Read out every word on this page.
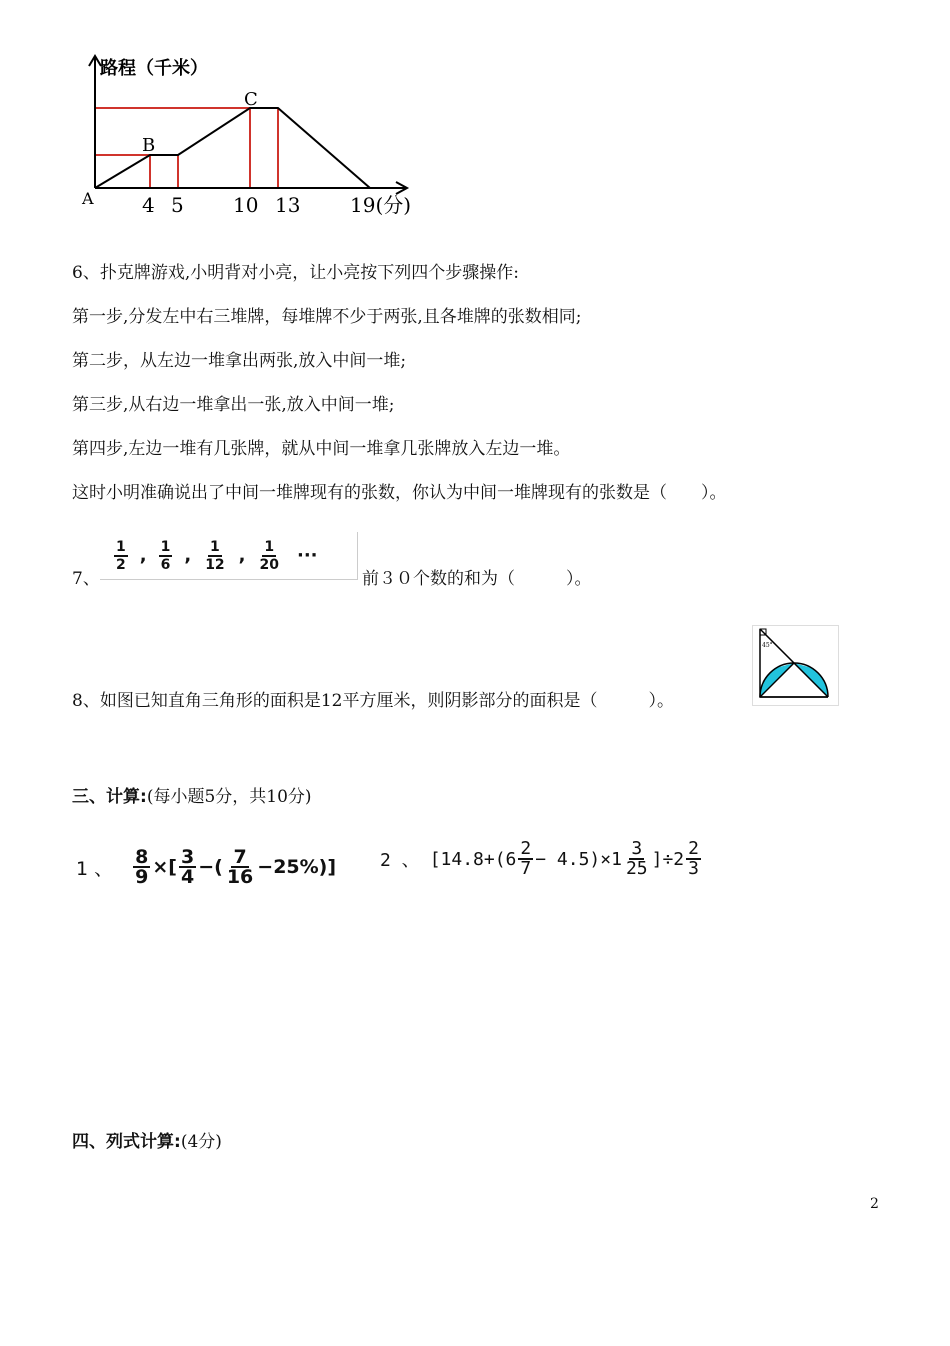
路程（千米）
A
B
C
4 5 10 13 19(分)
6、扑克牌游戏,小明背对小亮，让小亮按下列四个步骤操作:
第一步,分发左中右三堆牌，每堆牌不少于两张,且各堆牌的张数相同;
第二步，从左边一堆拿出两张,放入中间一堆;
第三步,从右边一堆拿出一张,放入中间一堆;
第四步,左边一堆有几张牌，就从中间一堆拿几张牌放入左边一堆。
这时小明准确说出了中间一堆牌现有的张数，你认为中间一堆牌现有的张数是（　　）。
7、
$\frac{1}{2}$ , $\frac{1}{6}$ , $\frac{1}{12}$ , $\frac{1}{20}$ ···
前３０个数的和为（　　　）。
8、如图已知直角三角形的面积是12平方厘米，则阴影部分的面积是（　　　）。
45°
三、计算:(每小题5分，共10分)
1 、 $\frac{8}{9}$ ×[ $\frac{3}{4}$ −( $\frac{7}{16} -25\%$)] 2 、 $[14.8+(6 \frac{2}{7} - 4.5)\times 1 \frac{3}{25} ]\div 2 \frac{2}{3}$
四、列式计算:(4分)
2
